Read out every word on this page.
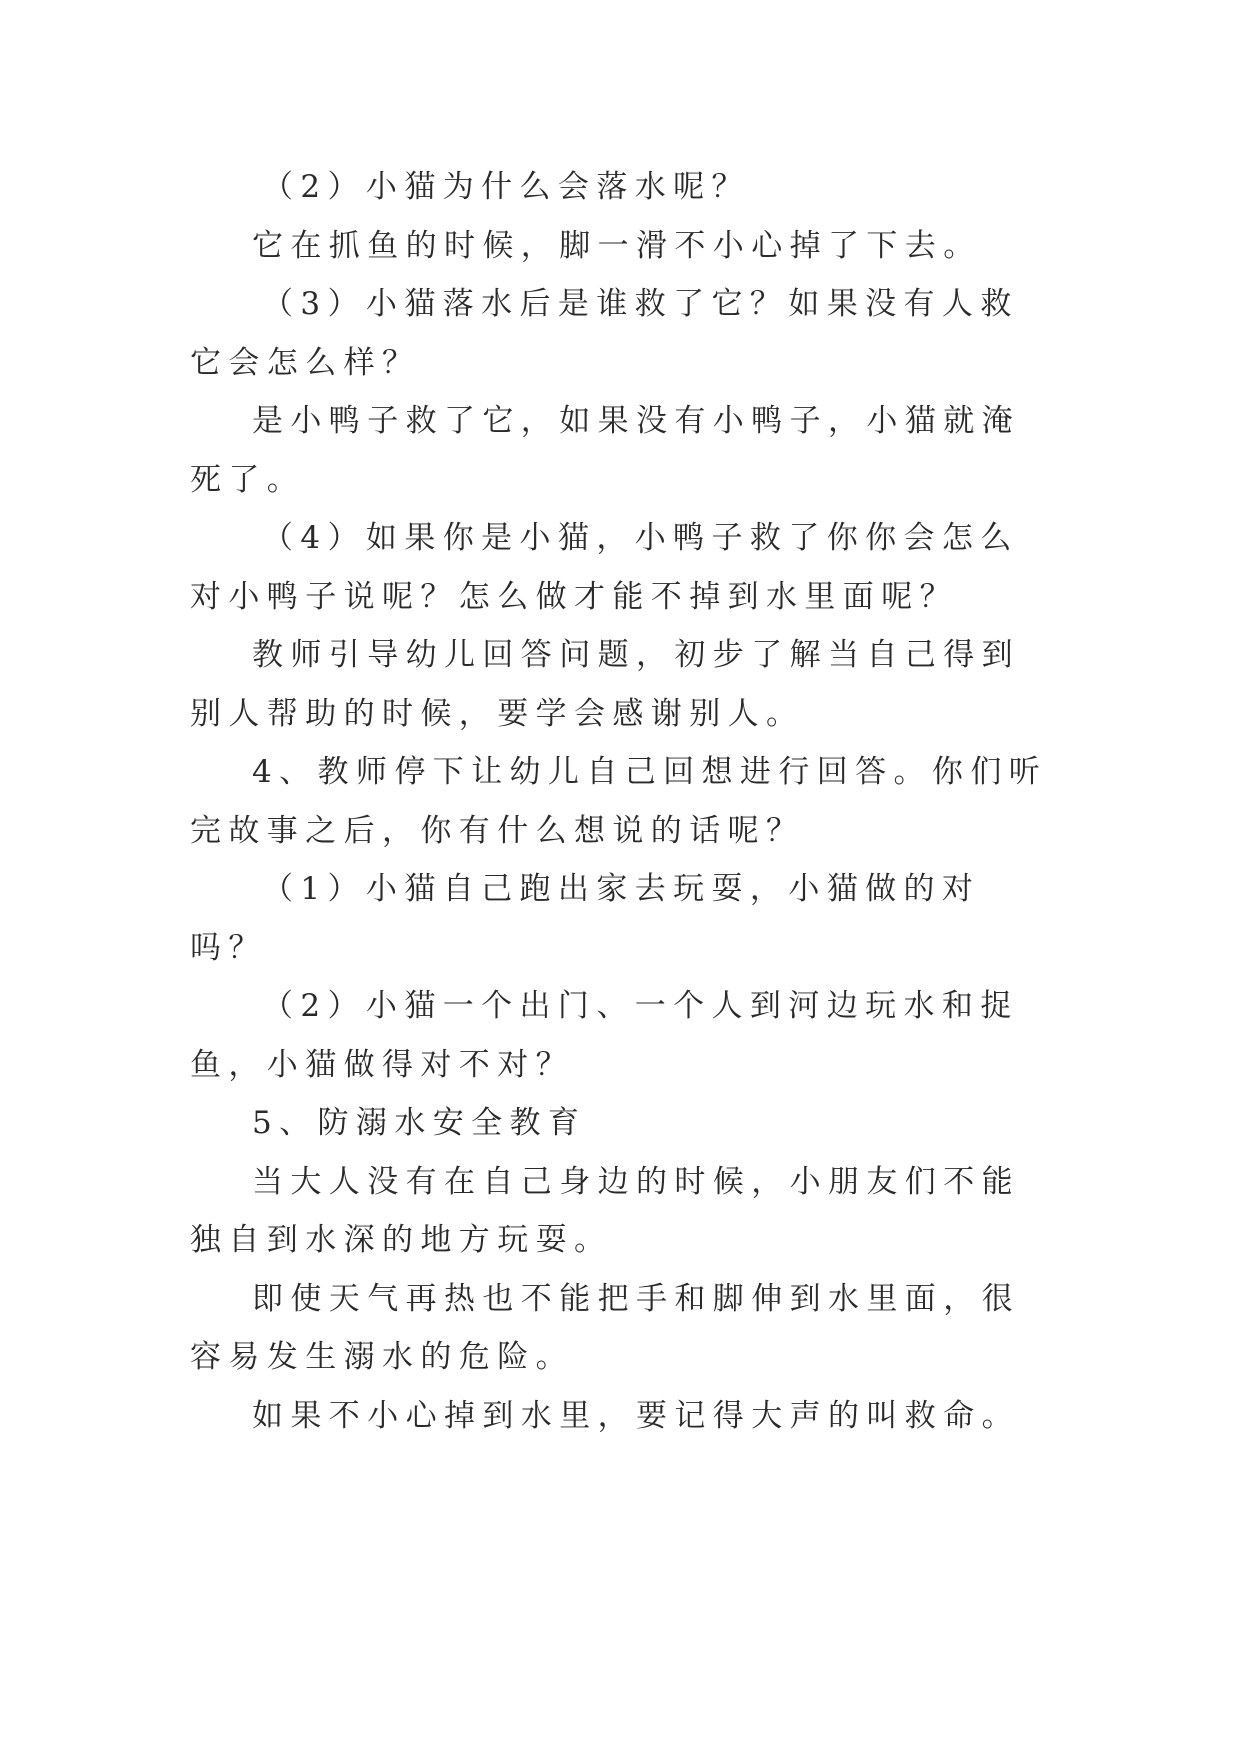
（2）小猫为什么会落水呢？

它在抓鱼的时候，脚一滑不小心掉了下去。

（3）小猫落水后是谁救了它？如果没有人救它会怎么样？

是小鸭子救了它，如果没有小鸭子，小猫就淹死了。

（4）如果你是小猫，小鸭子救了你你会怎么对小鸭子说呢？怎么做才能不掉到水里面呢？

教师引导幼儿回答问题，初步了解当自己得到别人帮助的时候，要学会感谢别人。

4、教师停下让幼儿自己回想进行回答。你们听完故事之后，你有什么想说的话呢？

（1）小猫自己跑出家去玩耍，小猫做的对吗？

（2）小猫一个出门、一个人到河边玩水和捉鱼，小猫做得对不对？

5、防溺水安全教育

当大人没有在自己身边的时候，小朋友们不能独自到水深的地方玩耍。

即使天气再热也不能把手和脚伸到水里面，很容易发生溺水的危险。

如果不小心掉到水里，要记得大声的叫救命。
